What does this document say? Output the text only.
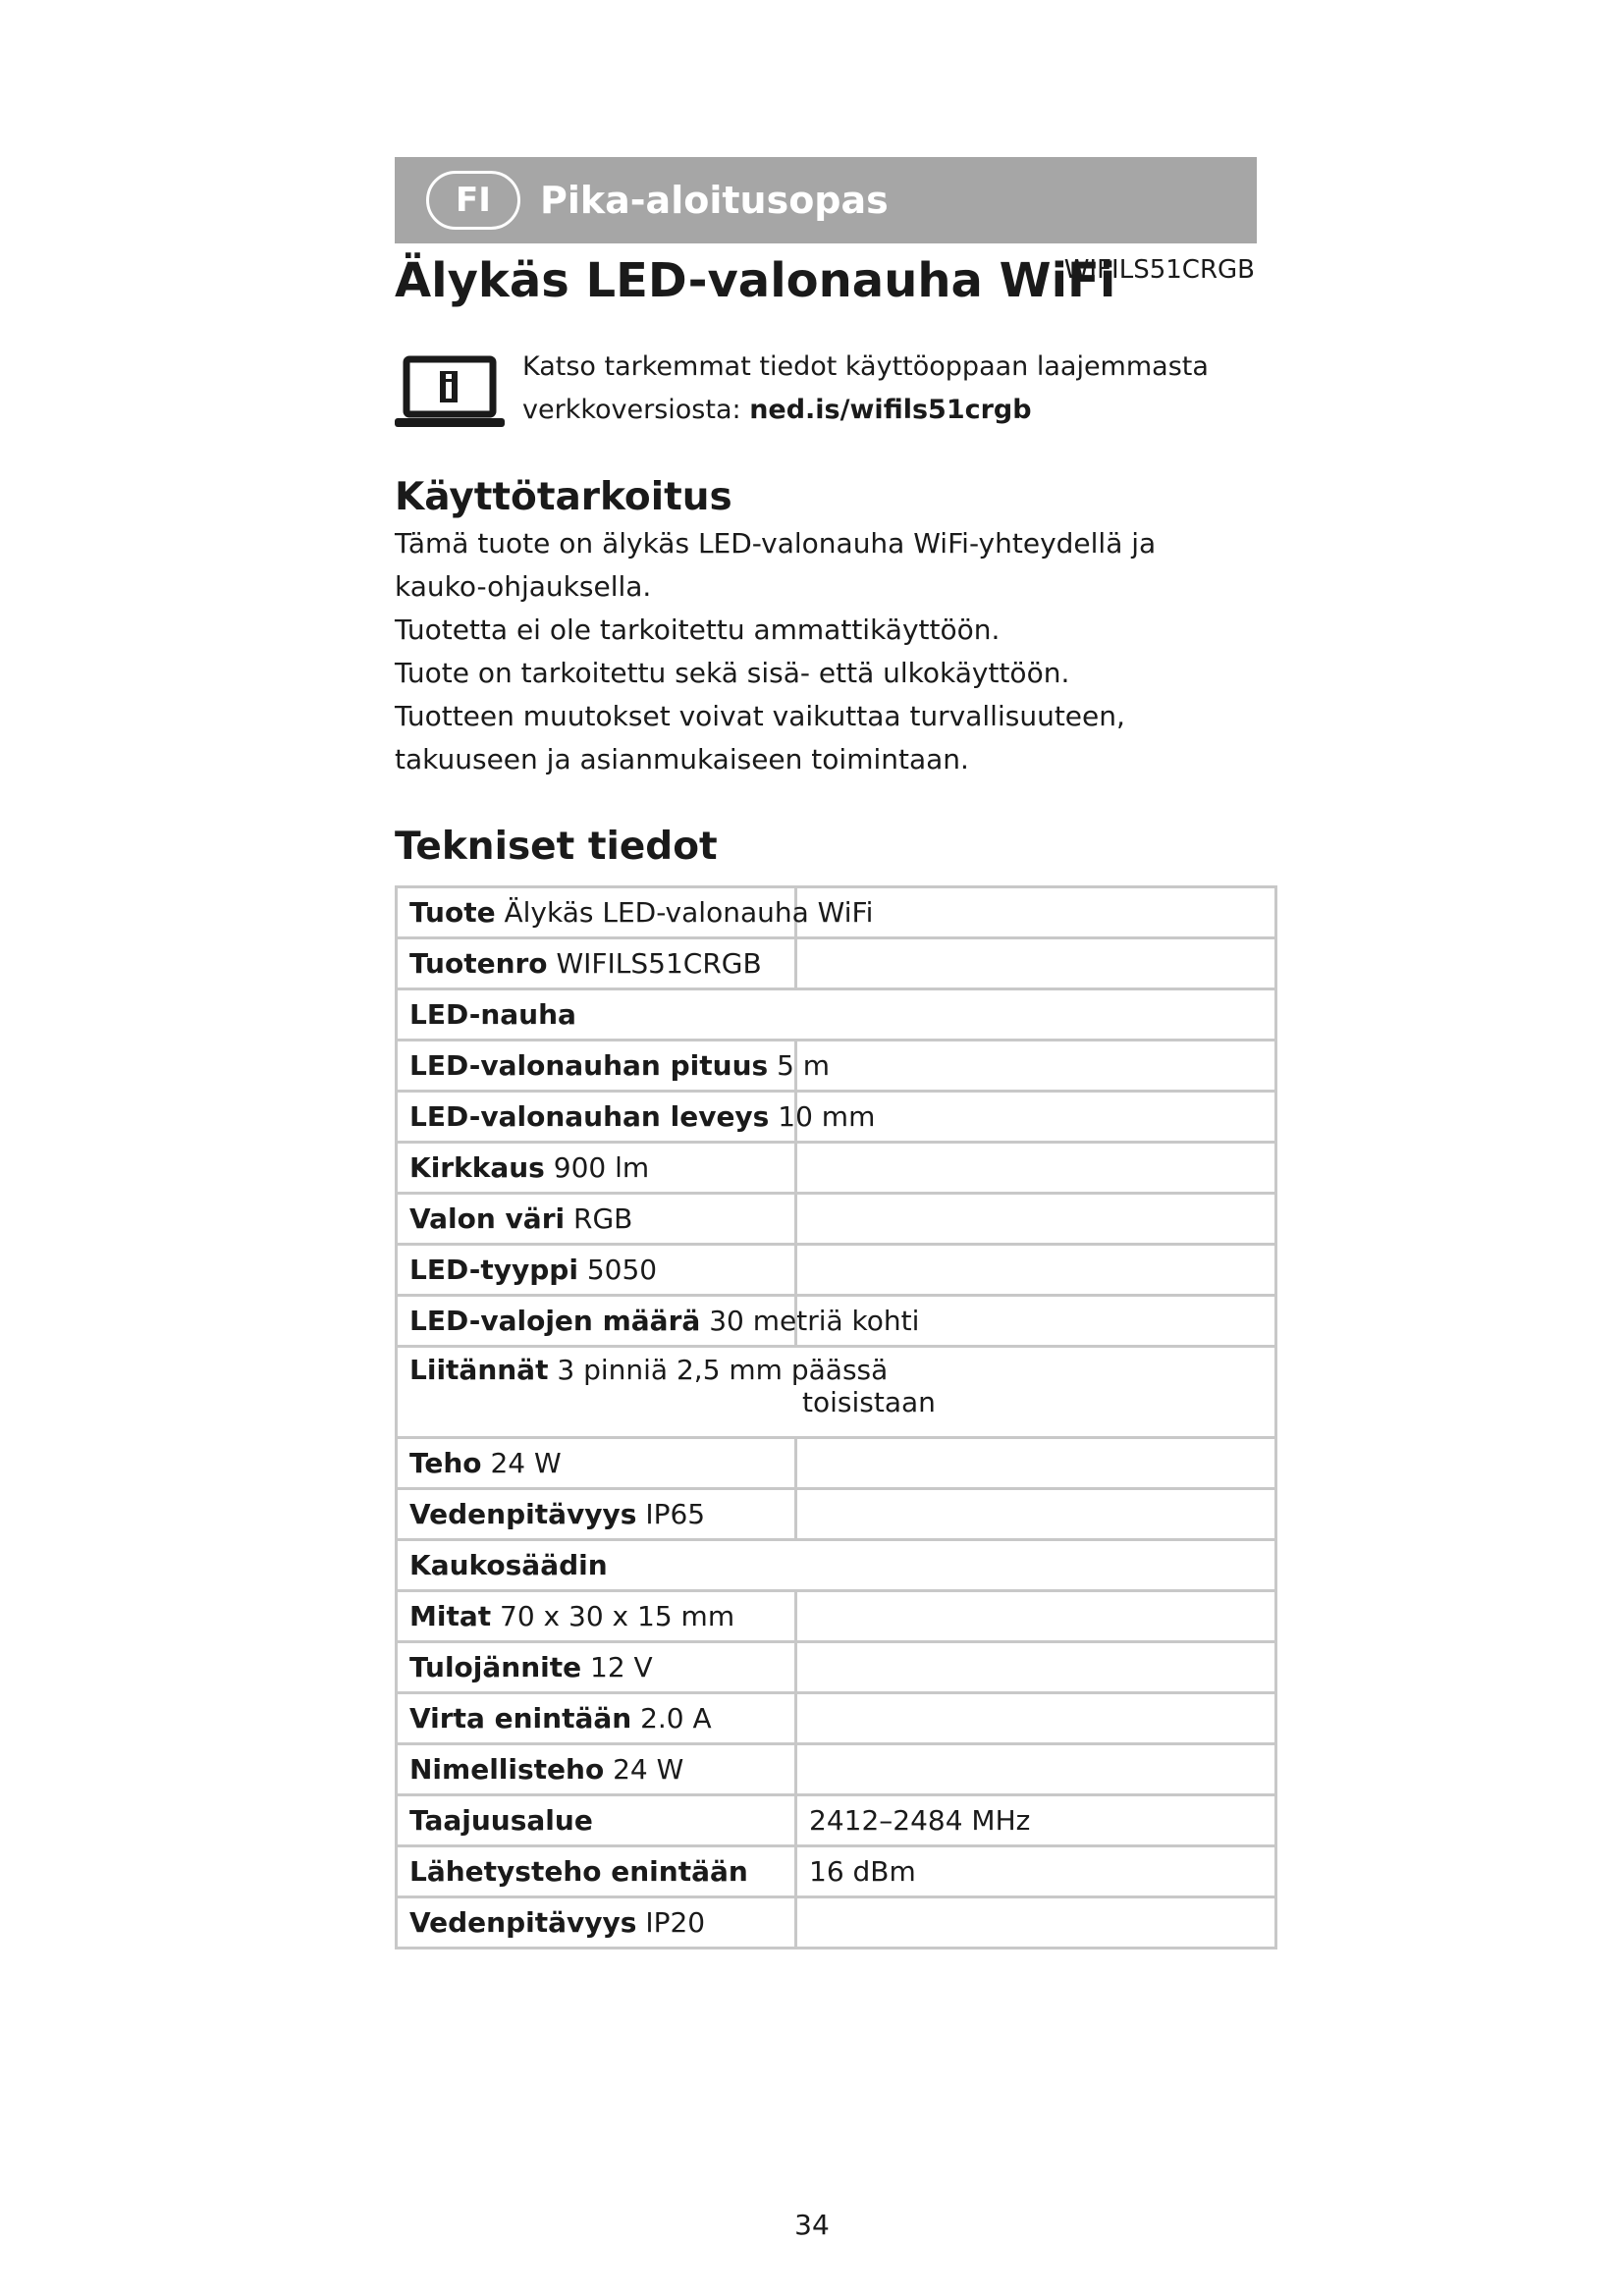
FI	Pika-aloitusopas
Älykäs LED-valonauha WiFi
WIFILS51CRGB
Katso tarkemmat tiedot käyttöoppaan laajemmasta verkkoversiosta: ned.is/wifils51crgb
Käyttötarkoitus

Tämä tuote on älykäs LED-valonauha WiFi-yhteydellä ja

kauko-ohjauksella.

Tuotetta ei ole tarkoitettu ammattikäyttöön.

Tuote on tarkoitettu sekä sisä- että ulkokäyttöön.

Tuotteen muutokset voivat vaikuttaa turvallisuuteen,

takuuseen ja asianmukaiseen toimintaan.

Tekniset tiedot
Tuote Älykäs LED-valonauha WiFi	
Tuotenro WIFILS51CRGB	
LED-nauha	
LED-valonauhan pituus 5 m	
LED-valonauhan leveys 10 mm	
Kirkkaus 900 lm	
Valon väri RGB	
LED-tyyppi 5050	
LED-valojen määrä 30 metriä kohti	
Liitännät 3 pinniä 2,5 mm päässä
toisistaan	

Teho 24 W	
Vedenpitävyys IP65	
Kaukosäädin	
Mitat 70 x 30 x 15 mm	
Tulojännite 12 V	
Virta enintään 2.0 A	
Nimellisteho 24 W	
Taajuusalue	2412–2484 MHz
Lähetysteho enintään	16 dBm
Vedenpitävyys IP20	
34
